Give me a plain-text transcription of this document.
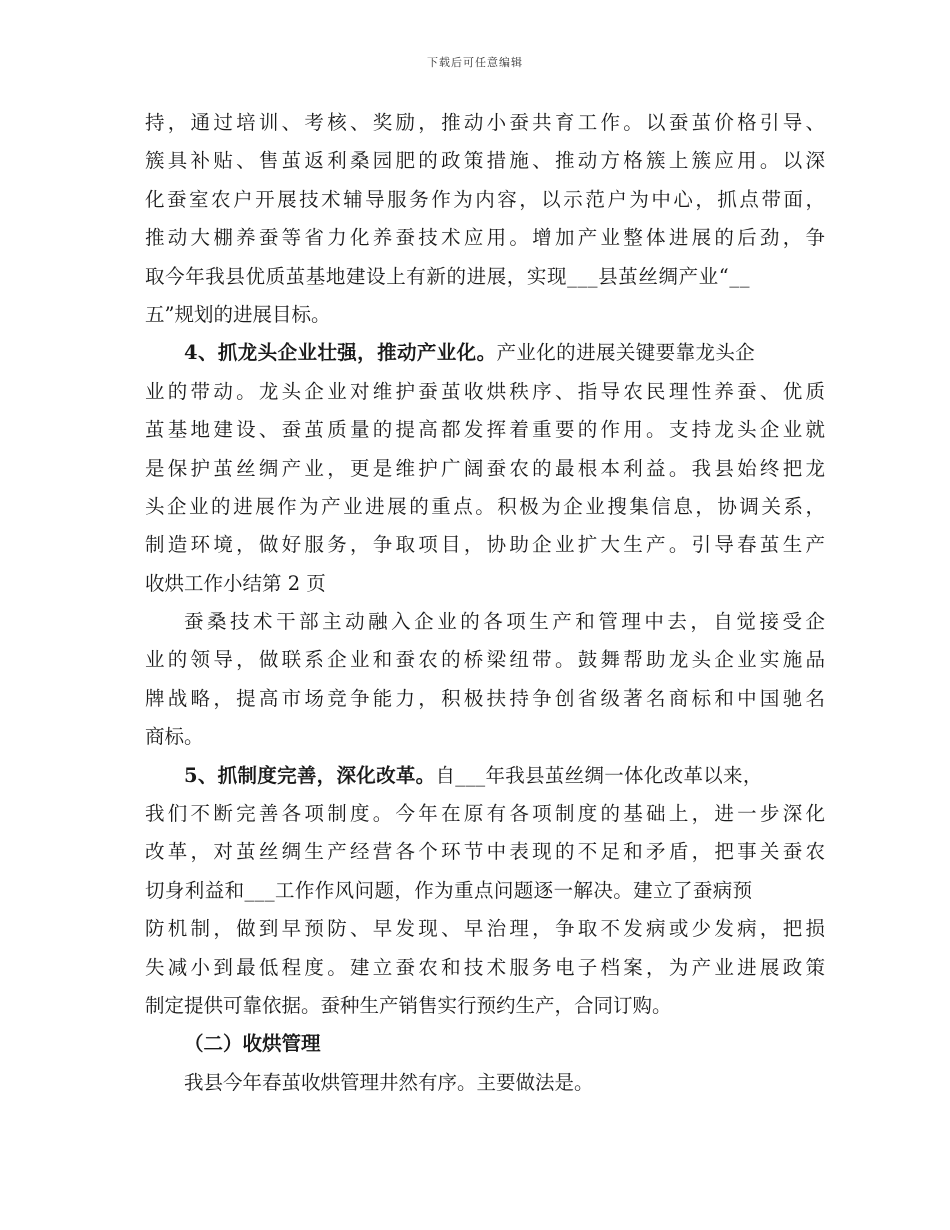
下载后可任意编辑
持，通过培训、考核、奖励，推动小蚕共育工作。以蚕茧价格引导、
簇具补贴、售茧返利桑园肥的政策措施、推动方格簇上簇应用。以深
化蚕室农户开展技术辅导服务作为内容，以示范户为中心，抓点带面，
推动大棚养蚕等省力化养蚕技术应用。增加产业整体进展的后劲，争
取今年我县优质茧基地建设上有新的进展，实现___县茧丝绸产业“__
五”规划的进展目标。
4、抓龙头企业壮强，推动产业化。产业化的进展关键要靠龙头企
业的带动。龙头企业对维护蚕茧收烘秩序、指导农民理性养蚕、优质
茧基地建设、蚕茧质量的提高都发挥着重要的作用。支持龙头企业就
是保护茧丝绸产业，更是维护广阔蚕农的最根本利益。我县始终把龙
头企业的进展作为产业进展的重点。积极为企业搜集信息，协调关系，
制造环境，做好服务，争取项目，协助企业扩大生产。引导春茧生产
收烘工作小结第 2 页
蚕桑技术干部主动融入企业的各项生产和管理中去，自觉接受企
业的领导，做联系企业和蚕农的桥梁纽带。鼓舞帮助龙头企业实施品
牌战略，提高市场竞争能力，积极扶持争创省级著名商标和中国驰名
商标。
5、抓制度完善，深化改革。自___年我县茧丝绸一体化改革以来，
我们不断完善各项制度。今年在原有各项制度的基础上，进一步深化
改革，对茧丝绸生产经营各个环节中表现的不足和矛盾，把事关蚕农
切身利益和___工作作风问题，作为重点问题逐一解决。建立了蚕病预
防机制，做到早预防、早发现、早治理，争取不发病或少发病，把损
失减小到最低程度。建立蚕农和技术服务电子档案，为产业进展政策
制定提供可靠依据。蚕种生产销售实行预约生产，合同订购。
（二）收烘管理
我县今年春茧收烘管理井然有序。主要做法是。
